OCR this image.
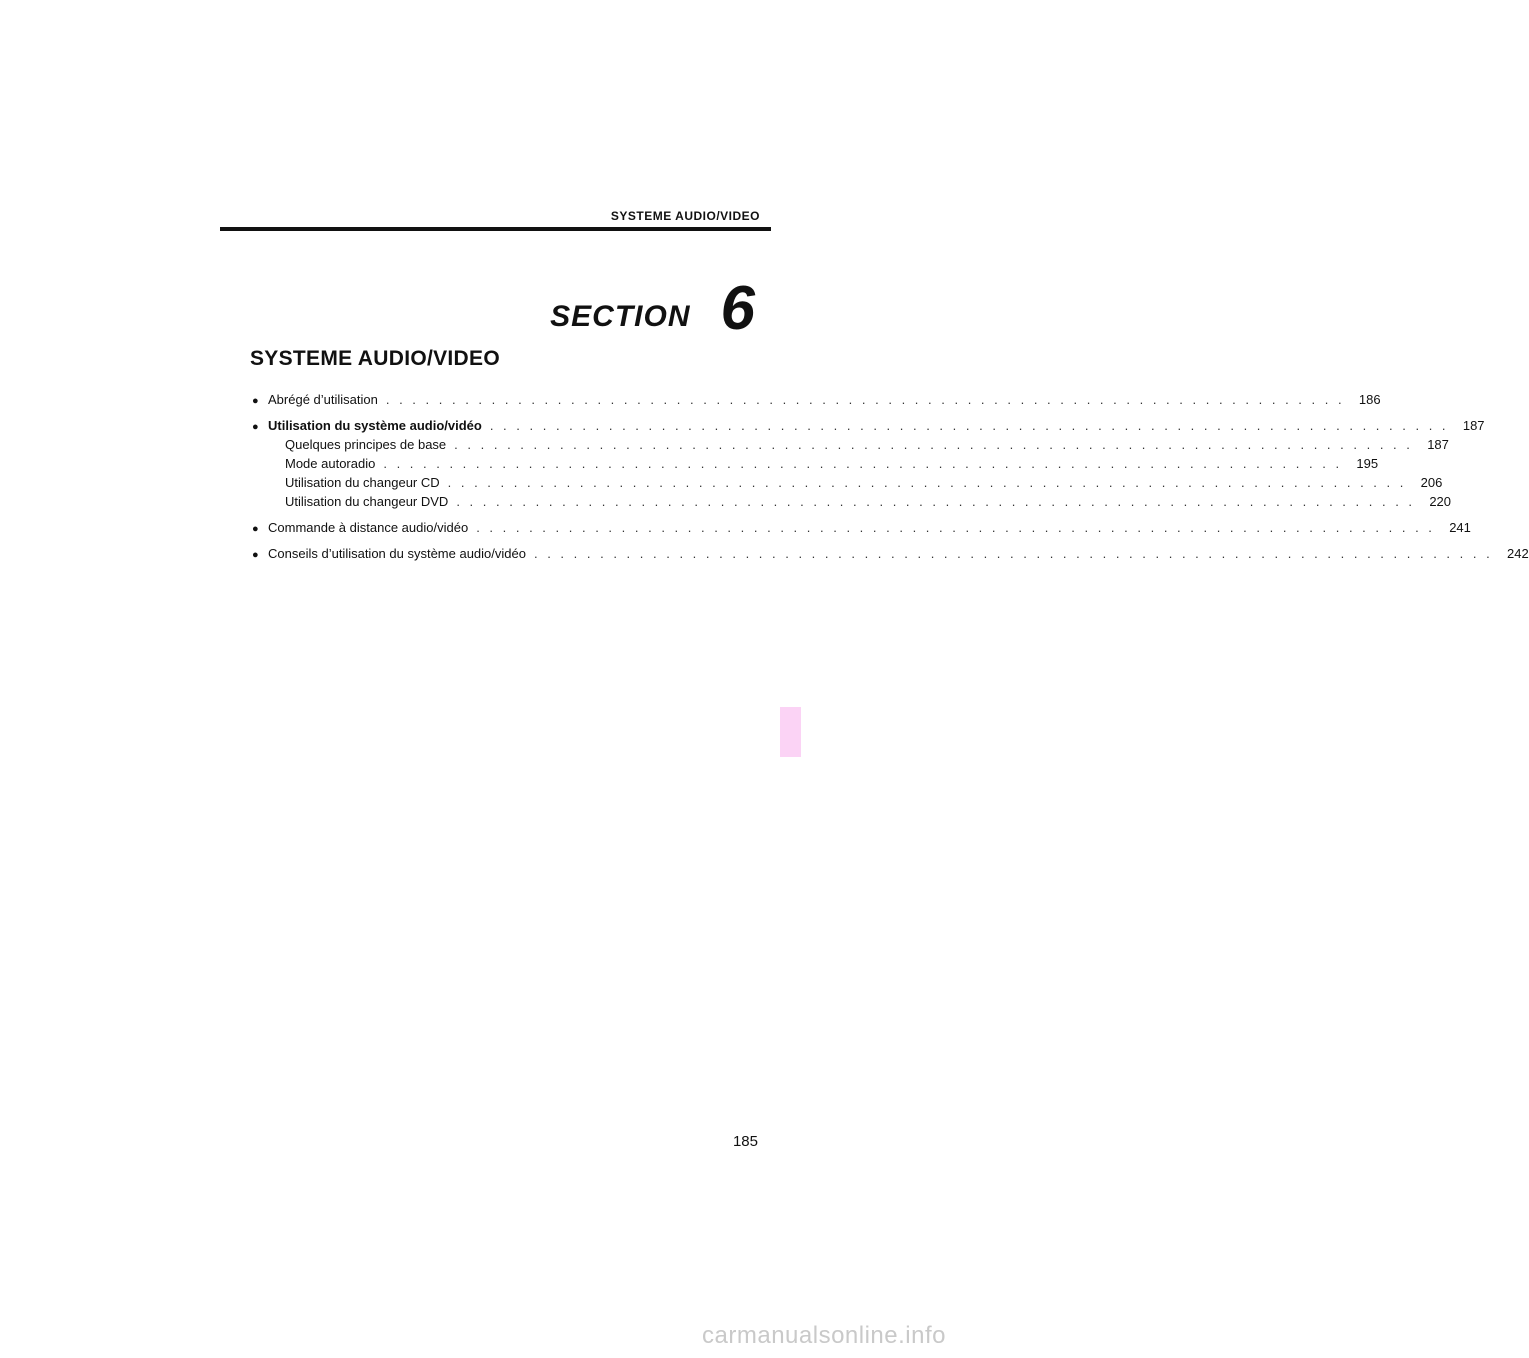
SYSTEME AUDIO/VIDEO
SECTION 6
SYSTEME AUDIO/VIDEO
● Abrégé d’utilisation . . . . . . . . . . . . . . . . . . . . . . . . . . . . . . . . . . . . . . . . . . . . . . . . . . . . . . . . . . . . . . . . . . . . . . . . .	186
● Utilisation du système audio/vidéo . . . . . . . . . . . . . . . . . . . . . . . . . . . . . . . . . . . . . . . . . . . . . . . . . . . . . . . . . . . . . . . . . . . . . . . . .	187
Quelques principes de base . . . . . . . . . . . . . . . . . . . . . . . . . . . . . . . . . . . . . . . . . . . . . . . . . . . . . . . . . . . . . . . . . . . . . . . . .	187
Mode autoradio . . . . . . . . . . . . . . . . . . . . . . . . . . . . . . . . . . . . . . . . . . . . . . . . . . . . . . . . . . . . . . . . . . . . . . . . .	195
Utilisation du changeur CD . . . . . . . . . . . . . . . . . . . . . . . . . . . . . . . . . . . . . . . . . . . . . . . . . . . . . . . . . . . . . . . . . . . . . . . . .	206
Utilisation du changeur DVD . . . . . . . . . . . . . . . . . . . . . . . . . . . . . . . . . . . . . . . . . . . . . . . . . . . . . . . . . . . . . . . . . . . . . . . . .	220
● Commande à distance audio/vidéo . . . . . . . . . . . . . . . . . . . . . . . . . . . . . . . . . . . . . . . . . . . . . . . . . . . . . . . . . . . . . . . . . . . . . . . . .	241
● Conseils d’utilisation du système audio/vidéo . . . . . . . . . . . . . . . . . . . . . . . . . . . . . . . . . . . . . . . . . . . . . . . . . . . . . . . . . . . . . . . . . . . . . . . . .	242
185
carmanualsonline.info
